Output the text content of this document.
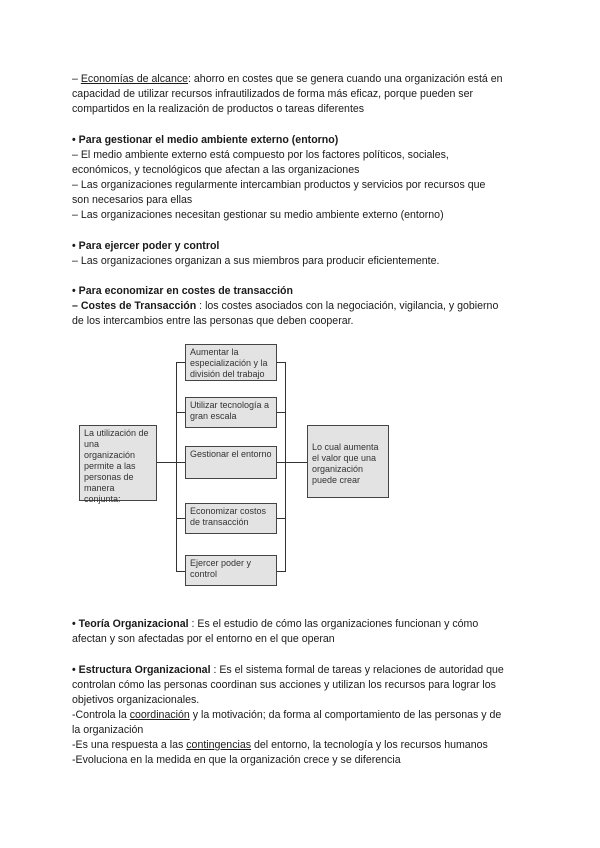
– Economías de alcance: ahorro en costes que se genera cuando una organización está en
capacidad de utilizar recursos infrautilizados de forma más eficaz, porque pueden ser
compartidos en la realización de productos o tareas diferentes
• Para gestionar el medio ambiente externo (entorno)
– El medio ambiente externo está compuesto por los factores políticos, sociales,
económicos, y tecnológicos que afectan a las organizaciones
– Las organizaciones regularmente intercambian productos y servicios por recursos que
son necesarios para ellas
– Las organizaciones necesitan gestionar su medio ambiente externo (entorno)
• Para ejercer poder y control
– Las organizaciones organizan a sus miembros para producir eficientemente.
• Para economizar en costes de transacción
– Costes de Transacción : los costes asociados con la negociación, vigilancia, y gobierno
de los intercambios entre las personas que deben cooperar.
La utilización de una organización permite a las personas de manera conjunta:
Aumentar la especialización y la división del trabajo
Utilizar tecnología a gran escala
Gestionar el entorno
Economizar costos de transacción
Ejercer poder y control
Lo cual aumenta el valor que una organización puede crear
• Teoría Organizacional : Es el estudio de cómo las organizaciones funcionan y cómo
afectan y son afectadas por el entorno en el que operan
• Estructura Organizacional : Es el sistema formal de tareas y relaciones de autoridad que
controlan cómo las personas coordinan sus acciones y utilizan los recursos para lograr los
objetivos organizacionales.
-Controla la coordinación y la motivación; da forma al comportamiento de las personas y de
la organización
-Es una respuesta a las contingencias del entorno, la tecnología y los recursos humanos
-Evoluciona en la medida en que la organización crece y se diferencia
